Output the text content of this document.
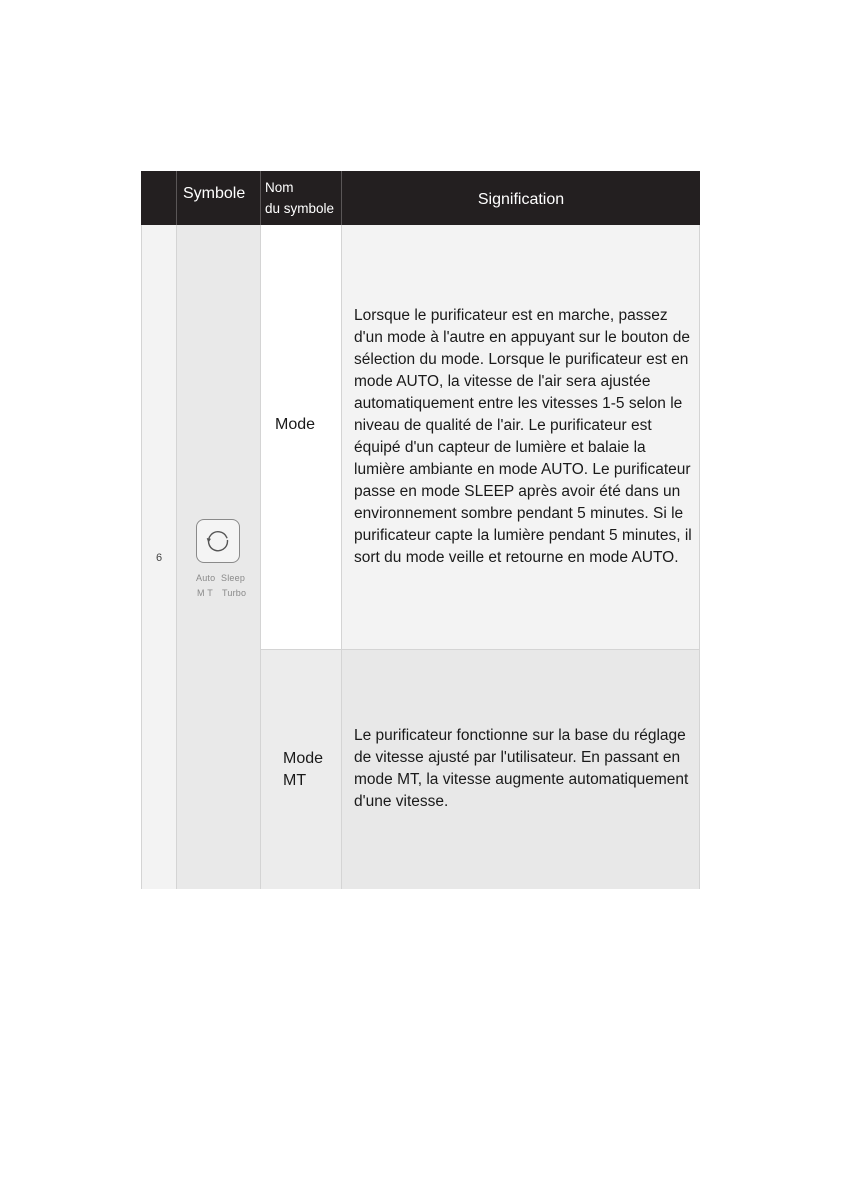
Symbole	Nom
du symbole
Signification
6
Auto Sleep
M T Turbo
Mode

Lorsque le purificateur est en marche, passez d'un mode à l'autre en appuyant sur le bouton de sélection du mode. Lorsque le purificateur est en mode AUTO, la vitesse de l'air sera ajustée automatiquement entre les vitesses 1-5 selon le niveau de qualité de l'air. Le purificateur est équipé d'un capteur de lumière et balaie la lumière ambiante en mode AUTO. Le purificateur passe en mode SLEEP après avoir été dans un environnement sombre pendant 5 minutes. Si le purificateur capte la lumière pendant 5 minutes, il sort du mode veille et retourne en mode AUTO.

Mode
MT

Le purificateur fonctionne sur la base du réglage de vitesse ajusté par l'utilisateur. En passant en mode MT, la vitesse augmente automatiquement d'une vitesse.
